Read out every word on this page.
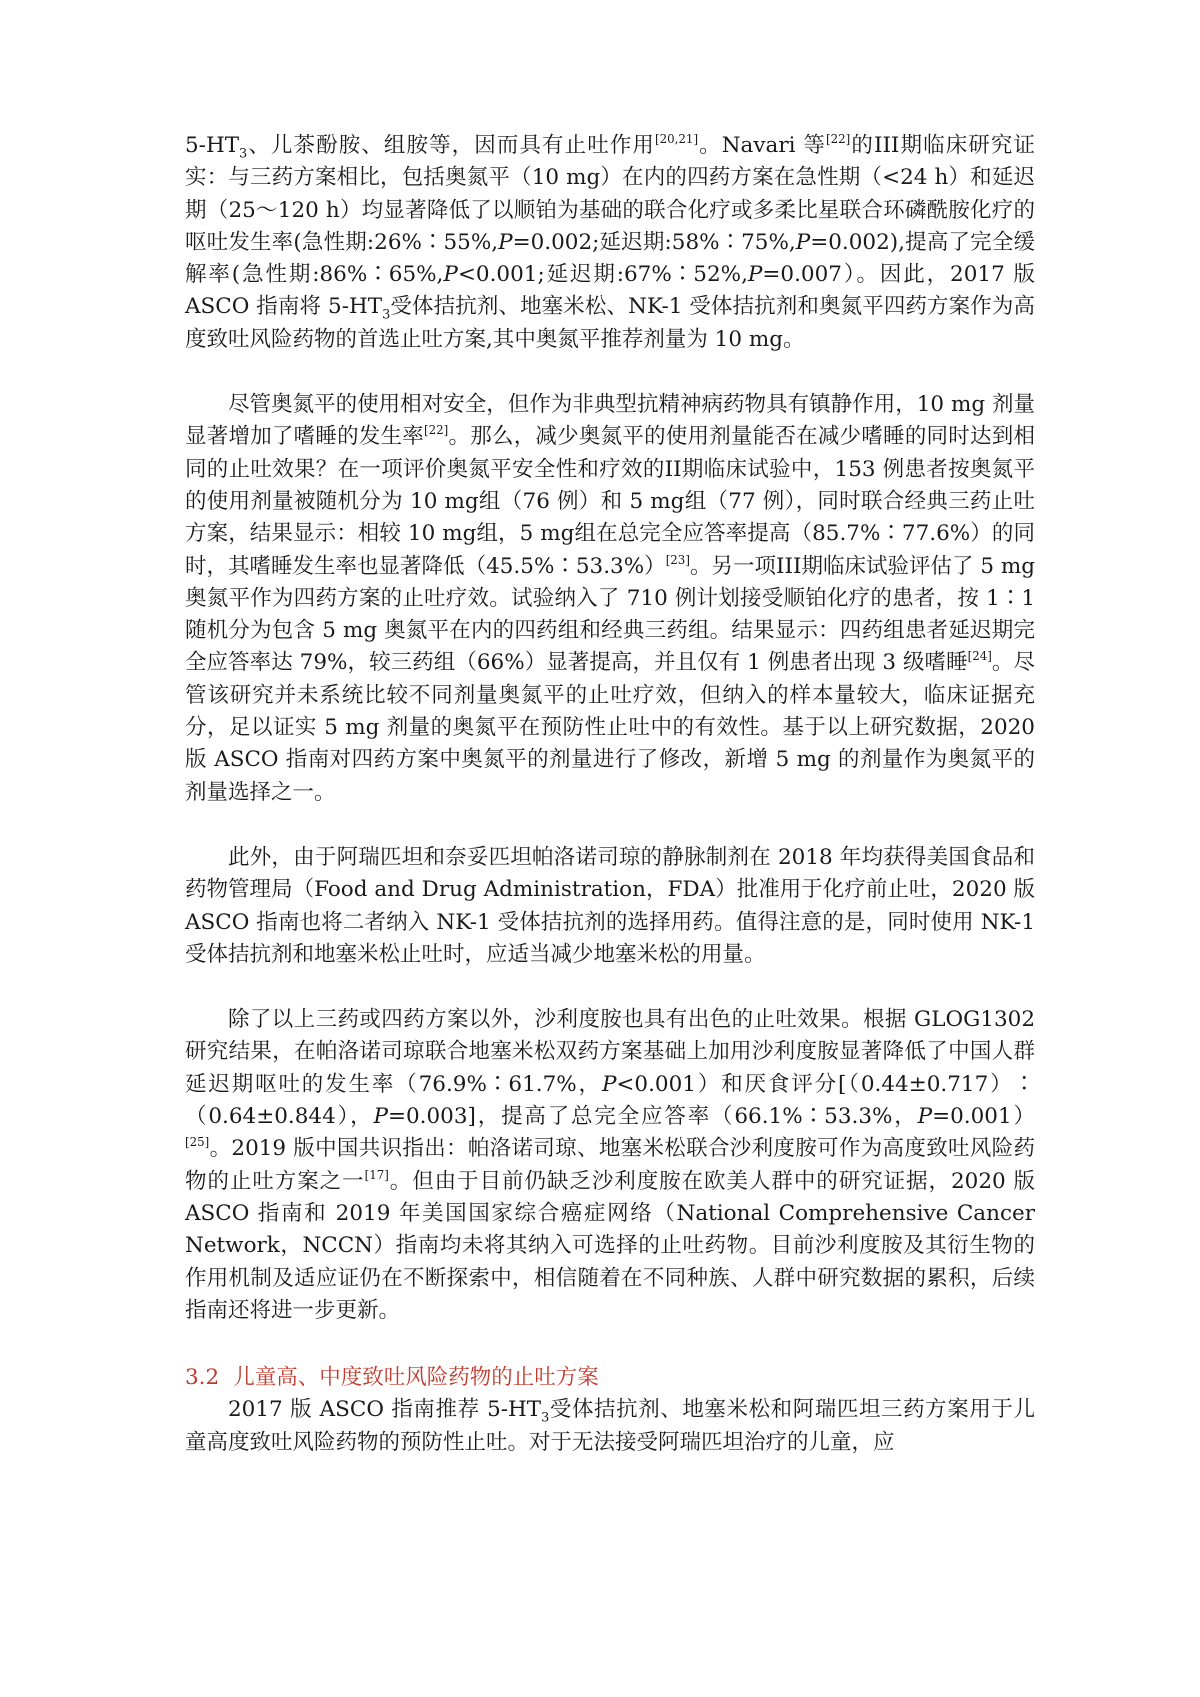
$5-HT_3$、儿茶酚胺、组胺等，因而具有止吐作用[20,21]。Navari 等[22]的III期临床研究证实：与三药方案相比，包括奥氮平（10 mg）在内的四药方案在急性期（<24 h）和延迟期（25～120 h）均显著降低了以顺铂为基础的联合化疗或多柔比星联合环磷酰胺化疗的呕吐发生率(急性期:26%∶55%,P=0.002;延迟期:58%∶75%,P=0.002),提高了完全缓解率(急性期:86%∶65%,P<0.001;延迟期:67%∶52%,P=0.007）。因此，2017 版 ASCO 指南将 $5-HT_3$受体拮抗剂、地塞米松、NK-1 受体拮抗剂和奥氮平四药方案作为高度致吐风险药物的首选止吐方案,其中奥氮平推荐剂量为 10 mg。

尽管奥氮平的使用相对安全，但作为非典型抗精神病药物具有镇静作用，10 mg 剂量显著增加了嗜睡的发生率[22]。那么，减少奥氮平的使用剂量能否在减少嗜睡的同时达到相同的止吐效果？在一项评价奥氮平安全性和疗效的II期临床试验中，153 例患者按奥氮平的使用剂量被随机分为 10 mg组（76 例）和 5 mg组（77 例），同时联合经典三药止吐方案，结果显示：相较 10 mg组，5 mg组在总完全应答率提高（85.7%∶77.6%）的同时，其嗜睡发生率也显著降低（45.5%∶53.3%）[23]。另一项III期临床试验评估了 5 mg 奥氮平作为四药方案的止吐疗效。试验纳入了 710 例计划接受顺铂化疗的患者，按 1∶1 随机分为包含 5 mg 奥氮平在内的四药组和经典三药组。结果显示：四药组患者延迟期完全应答率达 79%，较三药组（66%）显著提高，并且仅有 1 例患者出现 3 级嗜睡[24]。尽管该研究并未系统比较不同剂量奥氮平的止吐疗效，但纳入的样本量较大，临床证据充分，足以证实 5 mg 剂量的奥氮平在预防性止吐中的有效性。基于以上研究数据，2020 版 ASCO 指南对四药方案中奥氮平的剂量进行了修改，新增 5 mg 的剂量作为奥氮平的剂量选择之一。

此外，由于阿瑞匹坦和奈妥匹坦帕洛诺司琼的静脉制剂在 2018 年均获得美国食品和药物管理局（Food and Drug Administration，FDA）批准用于化疗前止吐，2020 版 ASCO 指南也将二者纳入 NK-1 受体拮抗剂的选择用药。值得注意的是，同时使用 NK-1 受体拮抗剂和地塞米松止吐时，应适当减少地塞米松的用量。

除了以上三药或四药方案以外，沙利度胺也具有出色的止吐效果。根据 GLOG1302 研究结果，在帕洛诺司琼联合地塞米松双药方案基础上加用沙利度胺显著降低了中国人群延迟期呕吐的发生率（76.9%∶61.7%，P<0.001）和厌食评分[（0.44±0.717）∶（0.64±0.844），P=0.003]，提高了总完全应答率（66.1%∶53.3%，P=0.001）[25]。2019 版中国共识指出：帕洛诺司琼、地塞米松联合沙利度胺可作为高度致吐风险药物的止吐方案之一[17]。但由于目前仍缺乏沙利度胺在欧美人群中的研究证据，2020 版 ASCO 指南和 2019 年美国国家综合癌症网络（National Comprehensive Cancer Network，NCCN）指南均未将其纳入可选择的止吐药物。目前沙利度胺及其衍生物的作用机制及适应证仍在不断探索中，相信随着在不同种族、人群中研究数据的累积，后续指南还将进一步更新。

3.2 儿童高、中度致吐风险药物的止吐方案

2017 版 ASCO 指南推荐 $5-HT_3$受体拮抗剂、地塞米松和阿瑞匹坦三药方案用于儿童高度致吐风险药物的预防性止吐。对于无法接受阿瑞匹坦治疗的儿童，应
